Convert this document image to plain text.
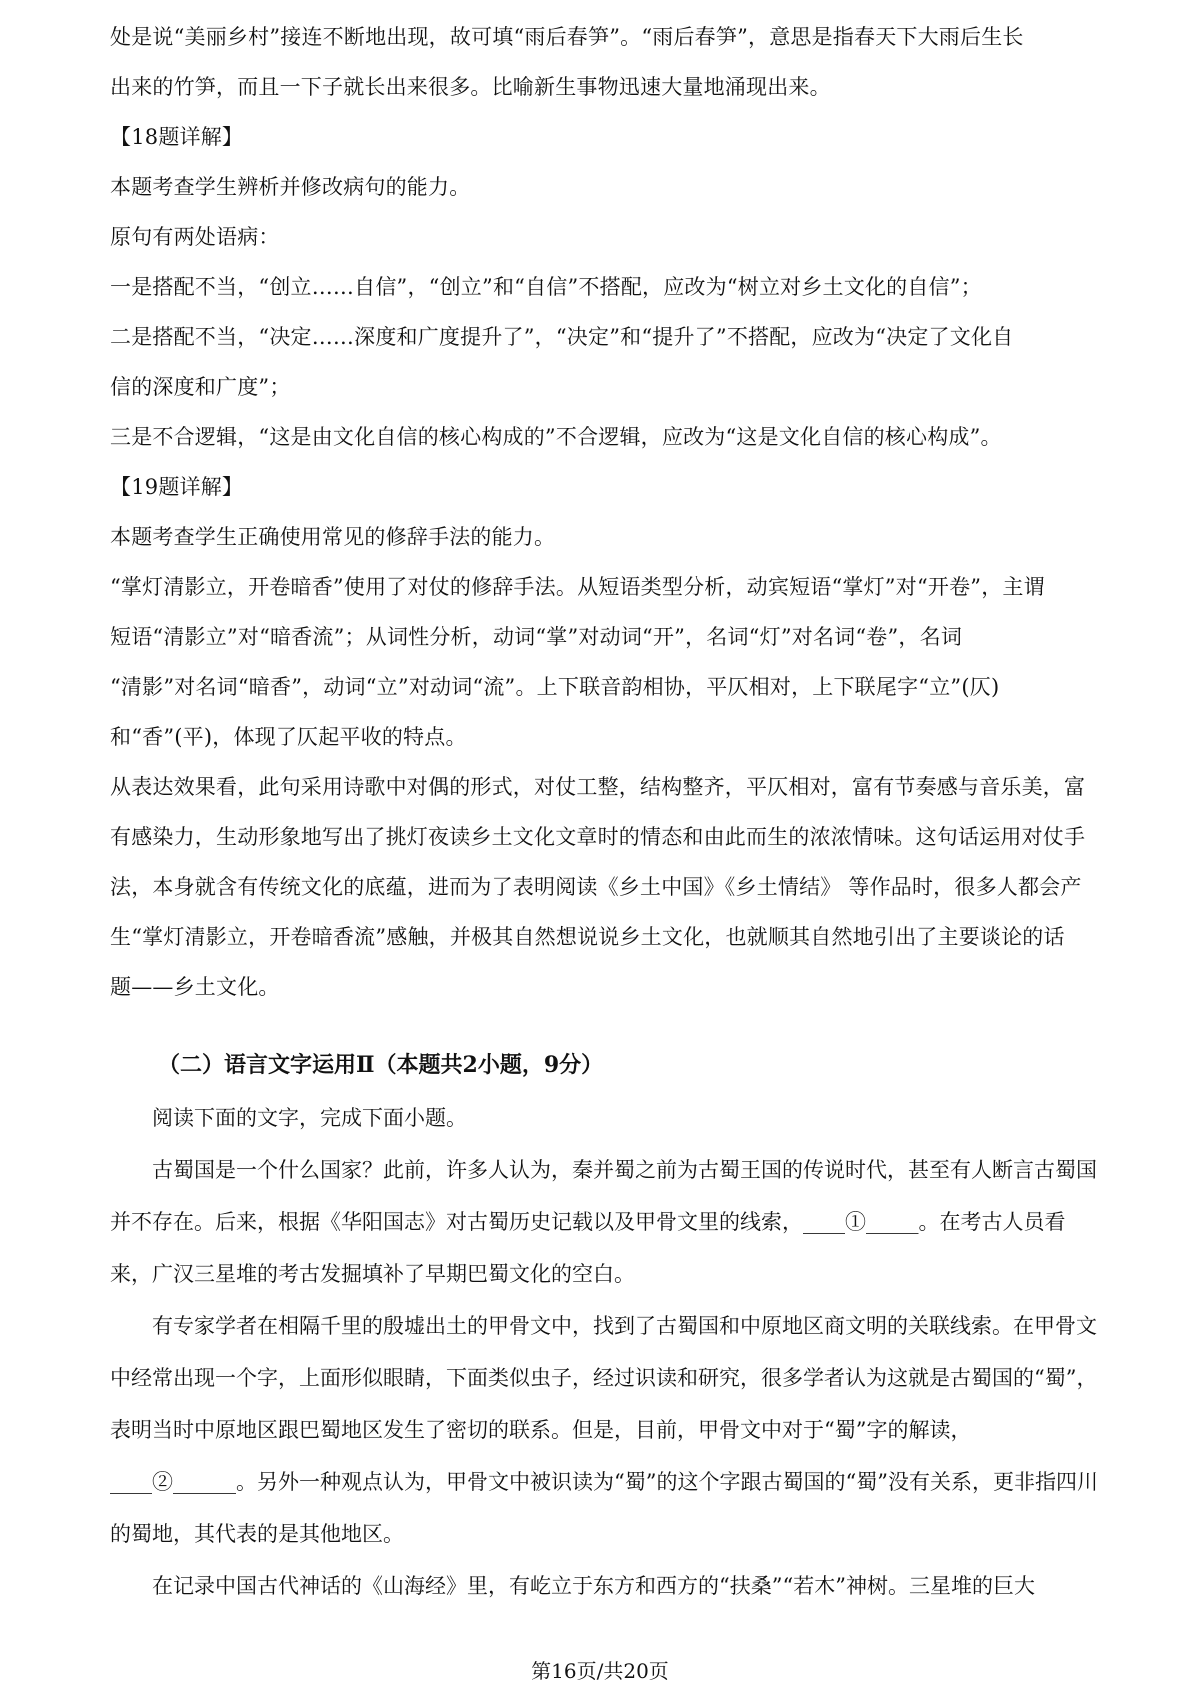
处是说“美丽乡村”接连不断地出现，故可填“雨后春笋”。“雨后春笋”，意思是指春天下大雨后生长

出来的竹笋，而且一下子就长出来很多。比喻新生事物迅速大量地涌现出来。

【18题详解】

本题考查学生辨析并修改病句的能力。

原句有两处语病：

一是搭配不当，“创立……自信”，“创立”和“自信”不搭配，应改为“树立对乡土文化的自信”；

二是搭配不当，“决定……深度和广度提升了”，“决定”和“提升了”不搭配，应改为“决定了文化自

信的深度和广度”；

三是不合逻辑，“这是由文化自信的核心构成的”不合逻辑，应改为“这是文化自信的核心构成”。

【19题详解】

本题考查学生正确使用常见的修辞手法的能力。

“掌灯清影立，开卷暗香”使用了对仗的修辞手法。从短语类型分析，动宾短语“掌灯”对“开卷”，主谓

短语“清影立”对“暗香流”；从词性分析，动词“掌”对动词“开”，名词“灯”对名词“卷”，名词

“清影”对名词“暗香”，动词“立”对动词“流”。上下联音韵相协，平仄相对，上下联尾字“立”(仄)

和“香”(平)，体现了仄起平收的特点。

从表达效果看，此句采用诗歌中对偶的形式，对仗工整，结构整齐，平仄相对，富有节奏感与音乐美，富

有感染力，生动形象地写出了挑灯夜读乡土文化文章时的情态和由此而生的浓浓情味。这句话运用对仗手

法，本身就含有传统文化的底蕴，进而为了表明阅读《乡土中国》《乡土情结》 等作品时，很多人都会产

生“掌灯清影立，开卷暗香流”感触，并极其自然想说说乡土文化，也就顺其自然地引出了主要谈论的话

题——乡土文化。

（二）语言文字运用Ⅱ（本题共2小题，9分）

阅读下面的文字，完成下面小题。

古蜀国是一个什么国家？此前，许多人认为，秦并蜀之前为古蜀王国的传说时代，甚至有人断言古蜀国并不存在。后来，根据《华阳国志》对古蜀历史记载以及甲骨文里的线索，____①_____。在考古人员看来，广汉三星堆的考古发掘填补了早期巴蜀文化的空白。

有专家学者在相隔千里的殷墟出土的甲骨文中，找到了古蜀国和中原地区商文明的关联线索。在甲骨文中经常出现一个字，上面形似眼睛，下面类似虫子，经过识读和研究，很多学者认为这就是古蜀国的“蜀”，表明当时中原地区跟巴蜀地区发生了密切的联系。但是，目前，甲骨文中对于“蜀”字的解读，____②______。另外一种观点认为，甲骨文中被识读为“蜀”的这个字跟古蜀国的“蜀”没有关系，更非指四川的蜀地，其代表的是其他地区。

在记录中国古代神话的《山海经》里，有屹立于东方和西方的“扶桑”“若木”神树。三星堆的巨大

第16页/共20页
